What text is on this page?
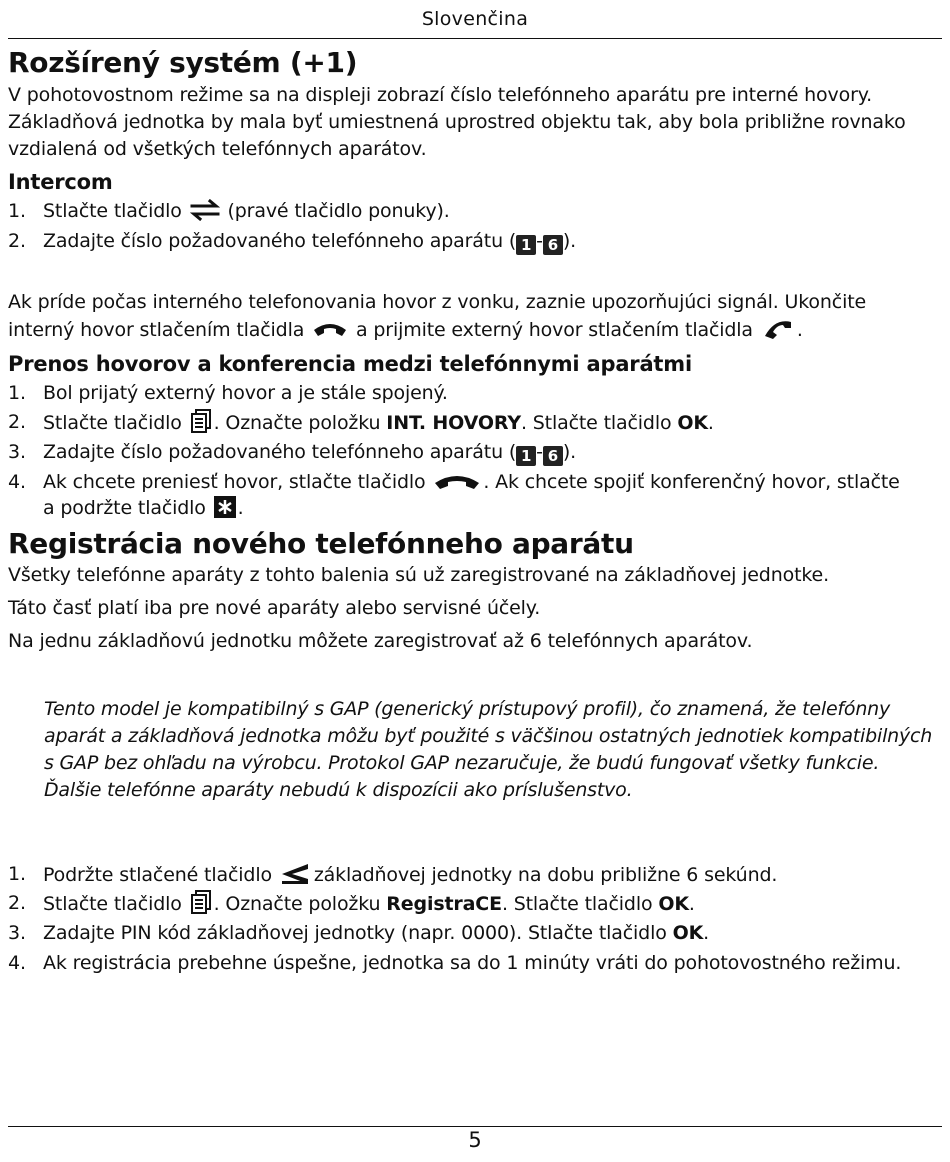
Slovenčina
Rozšírený systém (+1)

V pohotovostnom režime sa na displeji zobrazí číslo telefónneho aparátu pre interné hovory. Základňová jednotka by mala byť umiestnená uprostred objektu tak, aby bola približne rovnako vzdialená od všetkých telefónnych aparátov.

Intercom
1. Stlačte tlačidlo (pravé tlačidlo ponuky).
2. Zadajte číslo požadovaného telefónneho aparátu ( 1 - 6 ).

Ak príde počas interného telefonovania hovor z vonku, zaznie upozorňujúci signál. Ukončite

interný hovor stlačením tlačidla	a prijmite externý hovor stlačením tlačidla .
Prenos hovorov a konferencia medzi telefónnymi aparátmi
1. Bol prijatý externý hovor a je stále spojený.
2. Stlačte tlačidlo . Označte položku INT. HOVORY. Stlačte tlačidlo OK.
3. Zadajte číslo požadovaného telefónneho aparátu ( 1 - 6 ).
4. Ak chcete preniesť hovor, stlačte tlačidlo	. Ak chcete spojiť konferenčný hovor, stlačte
a podržte tlačidlo .
Registrácia nového telefónneho aparátu

Všetky telefónne aparáty z tohto balenia sú už zaregistrované na základňovej jednotke.

Táto časť platí iba pre nové aparáty alebo servisné účely.

Na jednu základňovú jednotku môžete zaregistrovať až 6 telefónnych aparátov.

Tento model je kompatibilný s GAP (generický prístupový profil), čo znamená, že telefónny aparát a základňová jednotka môžu byť použité s väčšinou ostatných jednotiek kompatibilných s GAP bez ohľadu na výrobcu. Protokol GAP nezaručuje, že budú fungovať všetky funkcie. Ďalšie telefónne aparáty nebudú k dispozícii ako príslušenstvo.
1. Podržte stlačené tlačidlo základňovej jednotky na dobu približne 6 sekúnd.
2. Stlačte tlačidlo . Označte položku RegistraCE. Stlačte tlačidlo OK.
3. Zadajte PIN kód základňovej jednotky (napr. 0000). Stlačte tlačidlo OK.
4. Ak registrácia prebehne úspešne, jednotka sa do 1 minúty vráti do pohotovostného režimu.
5
